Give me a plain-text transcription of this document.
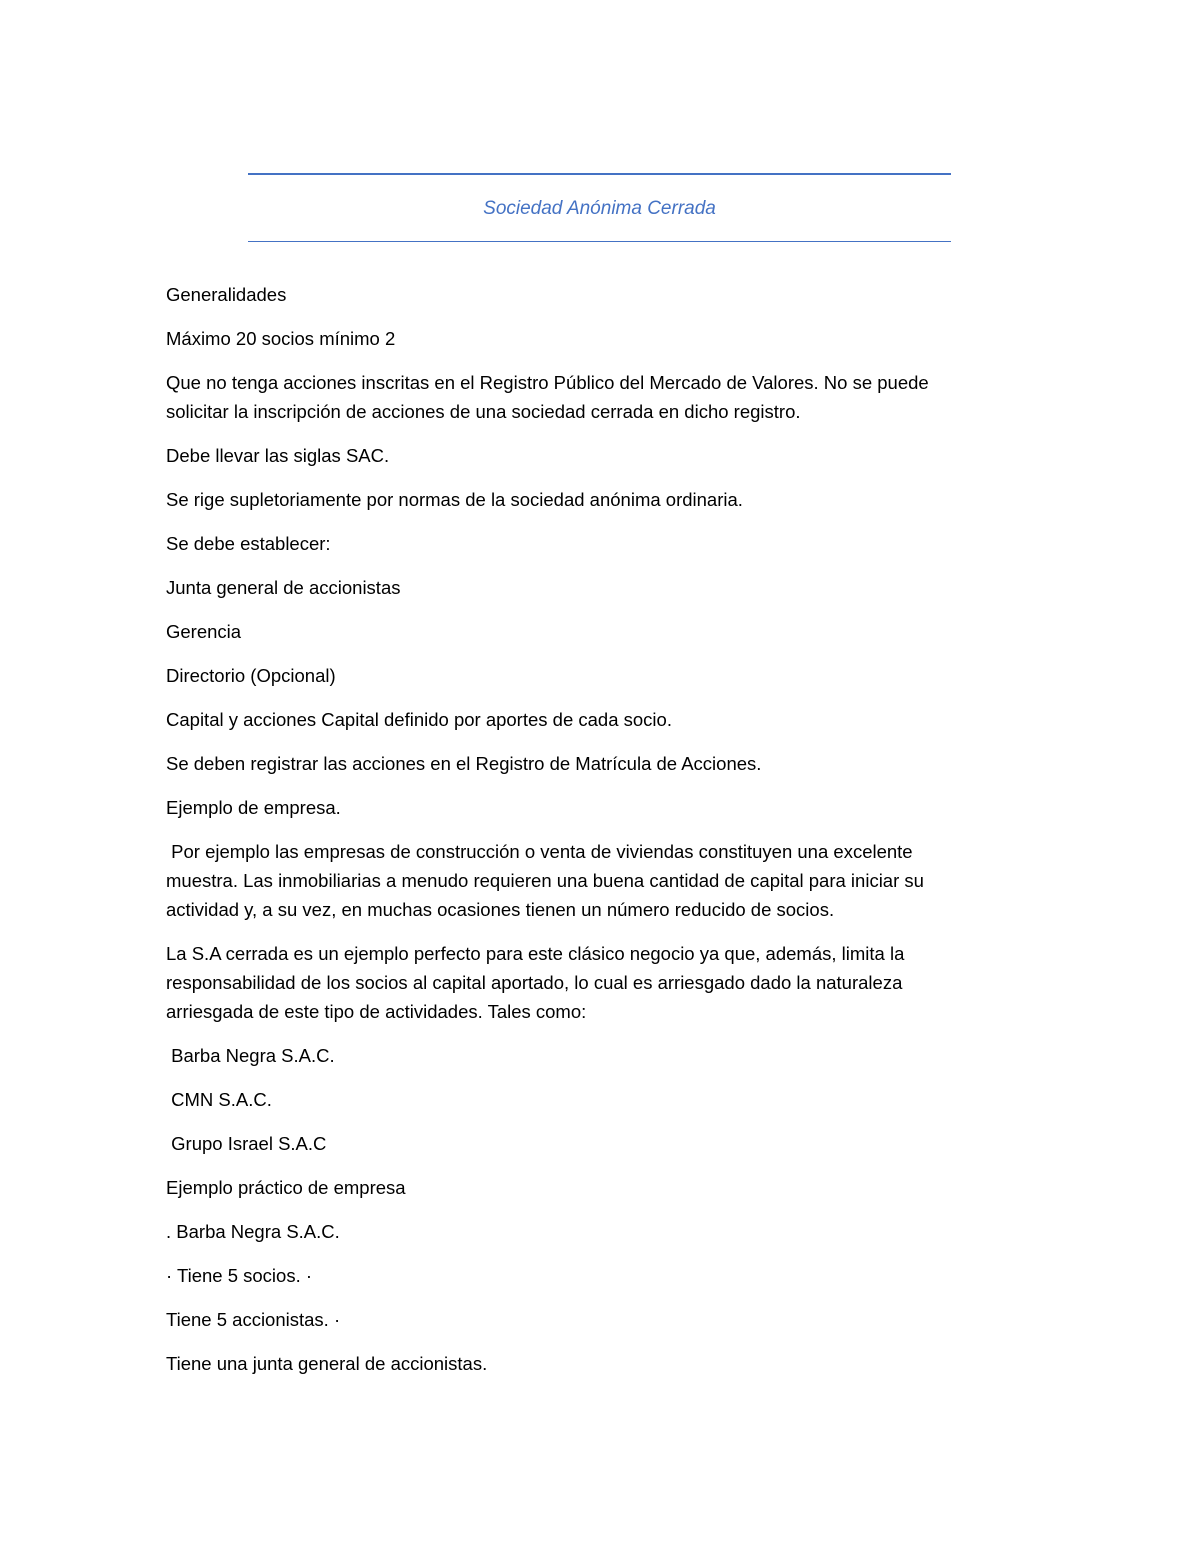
Sociedad Anónima Cerrada

Generalidades

Máximo 20 socios mínimo 2

Que no tenga acciones inscritas en el Registro Público del Mercado de Valores. No se puede solicitar la inscripción de acciones de una sociedad cerrada en dicho registro.

Debe llevar las siglas SAC.

Se rige supletoriamente por normas de la sociedad anónima ordinaria.

Se debe establecer:

Junta general de accionistas

Gerencia

Directorio (Opcional)

Capital y acciones Capital definido por aportes de cada socio.

Se deben registrar las acciones en el Registro de Matrícula de Acciones.

Ejemplo de empresa.

Por ejemplo las empresas de construcción o venta de viviendas constituyen una excelente muestra. Las inmobiliarias a menudo requieren una buena cantidad de capital para iniciar su actividad y, a su vez, en muchas ocasiones tienen un número reducido de socios.

La S.A cerrada es un ejemplo perfecto para este clásico negocio ya que, además, limita la responsabilidad de los socios al capital aportado, lo cual es arriesgado dado la naturaleza arriesgada de este tipo de actividades. Tales como:

Barba Negra S.A.C.

CMN S.A.C.

Grupo Israel S.A.C

Ejemplo práctico de empresa

. Barba Negra S.A.C.

· Tiene 5 socios. ·

Tiene 5 accionistas. ·

Tiene una junta general de accionistas.
